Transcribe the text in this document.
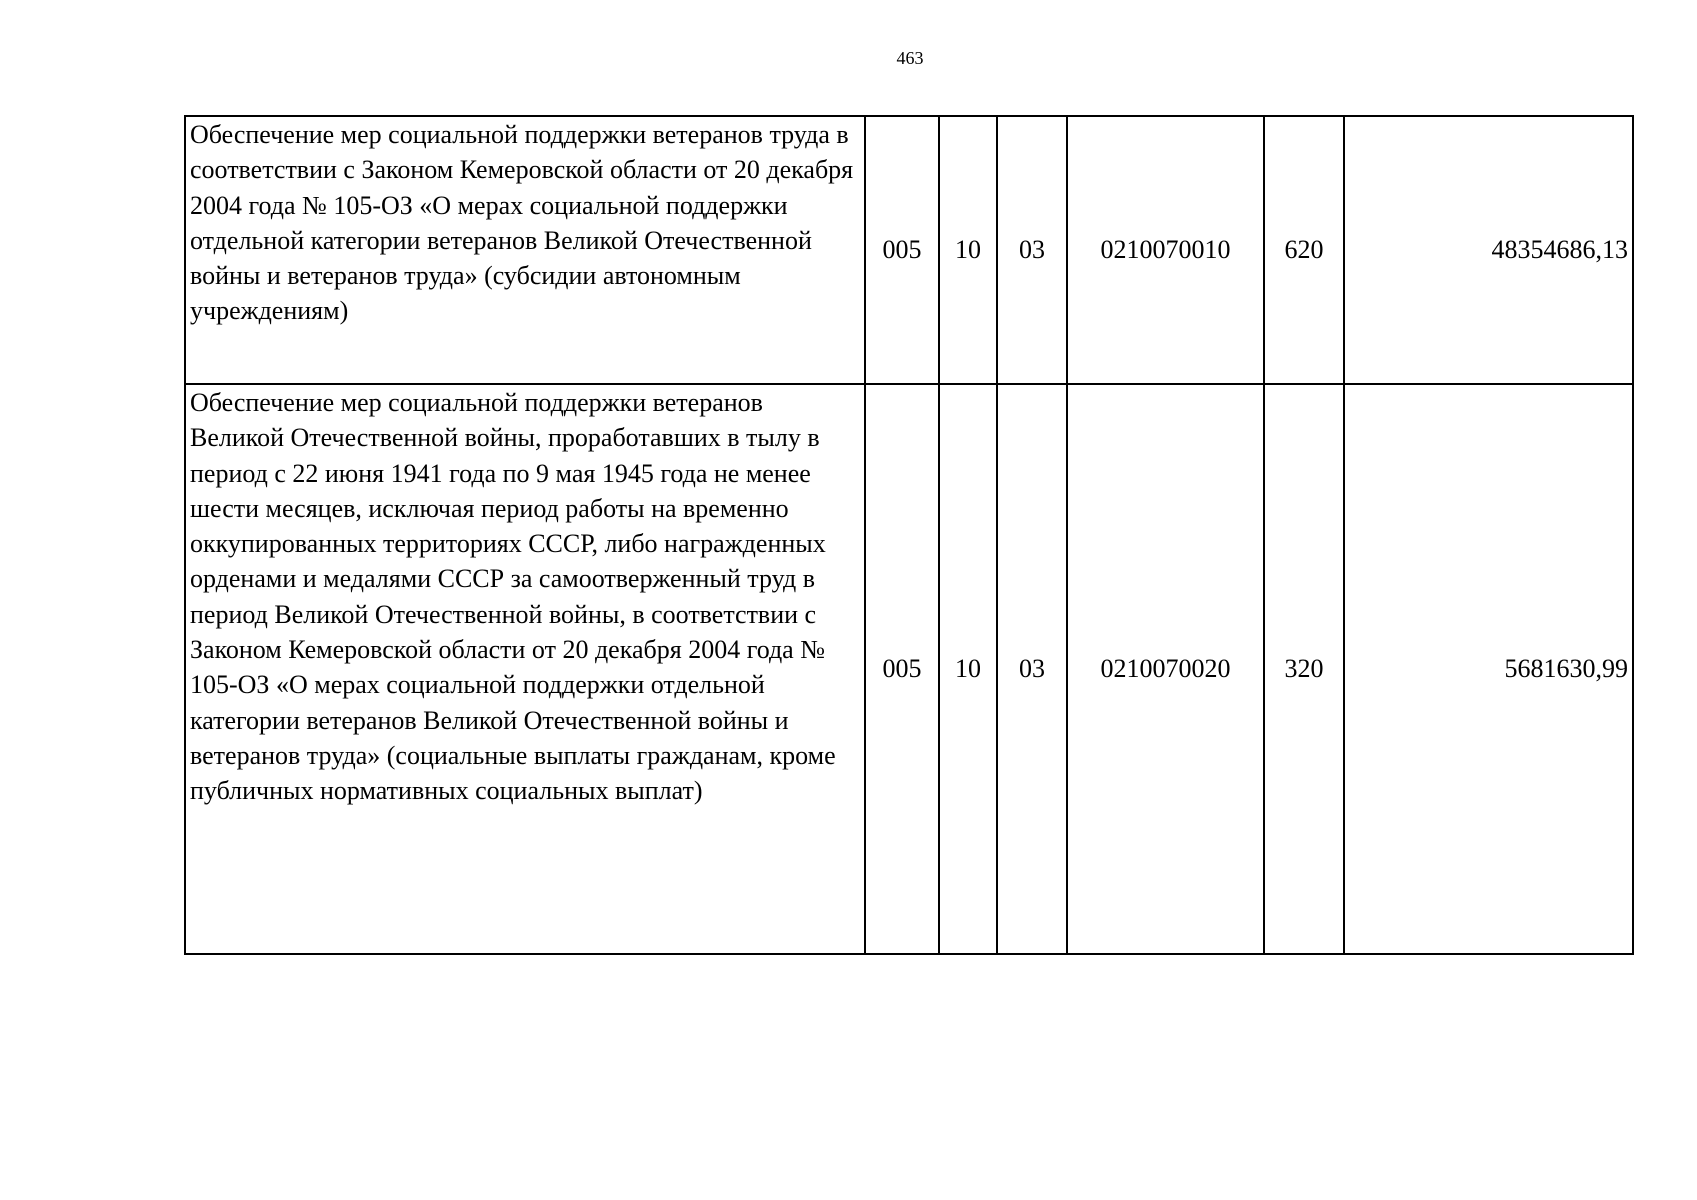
463
Обеспечение мер социальной поддержки ветеранов труда в соответствии с Законом Кемеровской области от 20 декабря 2004 года № 105-ОЗ «О мерах социальной поддержки отдельной категории ветеранов Великой Отечественной войны и ветеранов труда» (субсидии автономным учреждениям)	005	10	03	0210070010	620	48354686,13
Обеспечение мер социальной поддержки ветеранов Великой Отечественной войны, проработавших в тылу в период с 22 июня 1941 года по 9 мая 1945 года не менее шести месяцев, исключая период работы на временно оккупированных территориях СССР, либо награжденных орденами и медалями СССР за самоотверженный труд в период Великой Отечественной войны, в соответствии с Законом Кемеровской области от 20 декабря 2004 года № 105-ОЗ «О мерах социальной поддержки отдельной категории ветеранов Великой Отечественной войны и ветеранов труда» (социальные выплаты гражданам, кроме публичных нормативных социальных выплат)	005	10	03	0210070020	320	5681630,99
